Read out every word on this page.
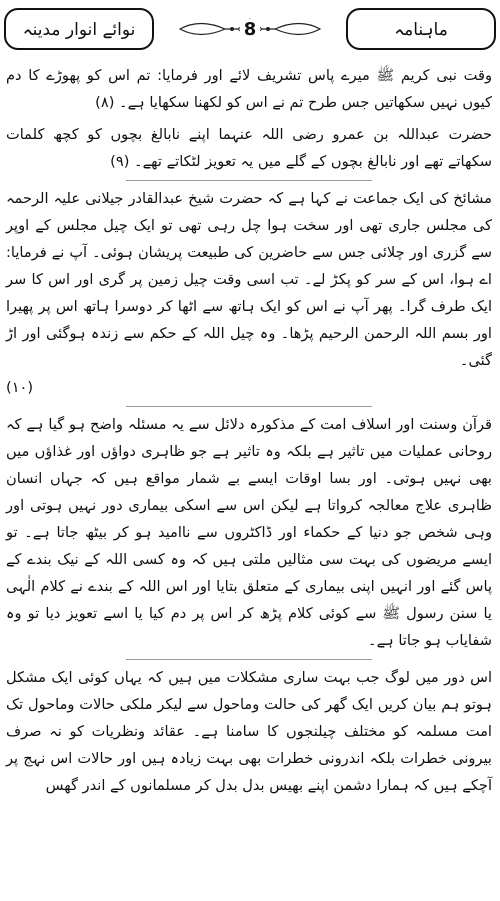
نوائے انوار مدینہ	8	ماہنامہ

وقت نبی کریم ﷺ میرے پاس تشریف لائے اور فرمایا: تم اس کو پھوڑے کا دم کیوں نہیں سکھاتیں جس طرح تم نے اس کو لکھنا سکھایا ہے۔ (۸)

حضرت عبداللہ بن عمرو رضی اللہ عنہما اپنے نابالغ بچوں کو کچھ کلمات سکھاتے تھے اور نابالغ بچوں کے گلے میں یہ تعویز لٹکاتے تھے۔ (۹)

مشائخ کی ایک جماعت نے کہا ہے کہ حضرت شیخ عبدالقادر جیلانی علیہ الرحمہ کی مجلس جاری تھی اور سخت ہوا چل رہی تھی تو ایک چیل مجلس کے اوپر سے گزری اور چلائی جس سے حاضرین کی طبیعت پریشان ہوئی۔ آپ نے فرمایا: اے ہوا، اس کے سر کو پکڑ لے۔ تب اسی وقت چیل زمین پر گری اور اس کا سر ایک طرف گرا۔ پھر آپ نے اس کو ایک ہاتھ سے اٹھا کر دوسرا ہاتھ اس پر پھیرا اور بسم اللہ الرحمن الرحیم پڑھا۔ وہ چیل اللہ کے حکم سے زندہ ہوگئی اور اڑ گئی۔

(۱۰)

قرآن وسنت اور اسلاف امت کے مذکورہ دلائل سے یہ مسئلہ واضح ہو گیا ہے کہ روحانی عملیات میں تاثیر ہے بلکہ وہ تاثیر ہے جو ظاہری دواؤں اور غذاؤں میں بھی نہیں ہوتی۔ اور بسا اوقات ایسے بے شمار مواقع ہیں کہ جہاں انسان ظاہری علاج معالجہ کرواتا ہے لیکن اس سے اسکی بیماری دور نہیں ہوتی اور وہی شخص جو دنیا کے حکماء اور ڈاکٹروں سے ناامید ہو کر بیٹھ جاتا ہے۔ تو ایسے مریضوں کی بہت سی مثالیں ملتی ہیں کہ وہ کسی اللہ کے نیک بندے کے پاس گئے اور انہیں اپنی بیماری کے متعلق بتایا اور اس اللہ کے بندے نے کلام الٰہی یا سنن رسول ﷺ سے کوئی کلام پڑھ کر اس پر دم کیا یا اسے تعویز دیا تو وہ شفایاب ہو جاتا ہے۔

اس دور میں لوگ جب بہت ساری مشکلات میں ہیں کہ یہاں کوئی ایک مشکل ہوتو ہم بیان کریں ایک گھر کی حالت وماحول سے لیکر ملکی حالات وماحول تک امت مسلمہ کو مختلف چیلنجوں کا سامنا ہے۔ عقائد ونظریات کو نہ صرف بیرونی خطرات بلکہ اندرونی خطرات بھی بہت زیادہ ہیں اور حالات اس نہج پر آچکے ہیں کہ ہمارا دشمن اپنے بھیس بدل بدل کر مسلمانوں کے اندر گھس
